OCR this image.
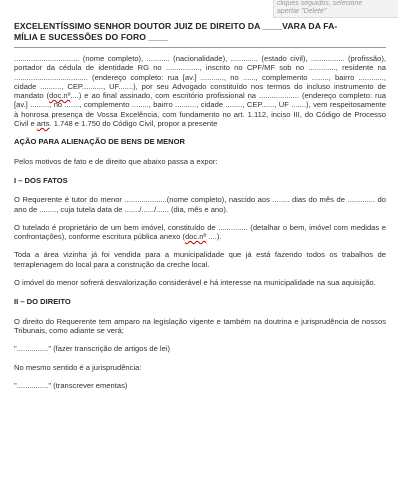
cliques seguidos, selecione
apertar "Delete"
EXCELENTÍSSIMO SENHOR DOUTOR JUIZ DE DIREITO DA ____VARA DA FA-
MÍLIA E SUCESSÕES DO FORO ____

............................... (nome completo), ........... (nacionalidade), ............. (estado civil), ................ (profissão), portador da cédula de identidade RG no ................, inscrito no CPF/MF sob no ............., residente na ................................... (endereço completo: rua [av.] ..........., no ......, complemento ........, bairro ............, cidade .........., CEP.........., UF.......), por seu Advogado constituído nos termos do incluso instrumento de mandato (doc.nº....) e ao final assinado, com escritório profissional na ................... (endereço completo: rua [av.] ........., no ......., complemento ........, bairro .........., cidade ........, CEP......, UF .......), vem respeitosamente à honrosa presença de Vossa Excelência, com fundamento no art. 1.112, inciso III, do Código de Processo Civil e arts. 1.748 e 1.750 do Código Civil, propor a presente

AÇÃO PARA ALIENAÇÃO DE BENS DE MENOR

Pelos motivos de fato e de direito que abaixo passa a expor:

I – DOS FATOS

O Requerente é tutor do menor ....................(nome completo), nascido aos ........ dias do mês de ............. do ano de ........, cuja tutela data de ......./....../...... (dia, mês e ano).

O tutelado é proprietário de um bem imóvel, constituído de .............. (detalhar o bem, imóvel com medidas e confrontações), conforme escritura pública anexo (doc.nº ....).

Toda a área vizinha já foi vendida para a municipalidade que já está fazendo todos os trabalhos de terraplenagem do local para a construção da creche local.

O imóvel do menor sofrerá desvalorização considerável e há interesse na municipalidade na sua aquisição.

II – DO DIREITO

O direito do Requerente tem amparo na legislação vigente e também na doutrina e jurisprudência de nossos Tribunais, como adiante se verá;

"..............." (fazer transcrição de artigos de lei)

No mesmo sentido é a jurisprudência:

"..............." (transcrever ementas)
